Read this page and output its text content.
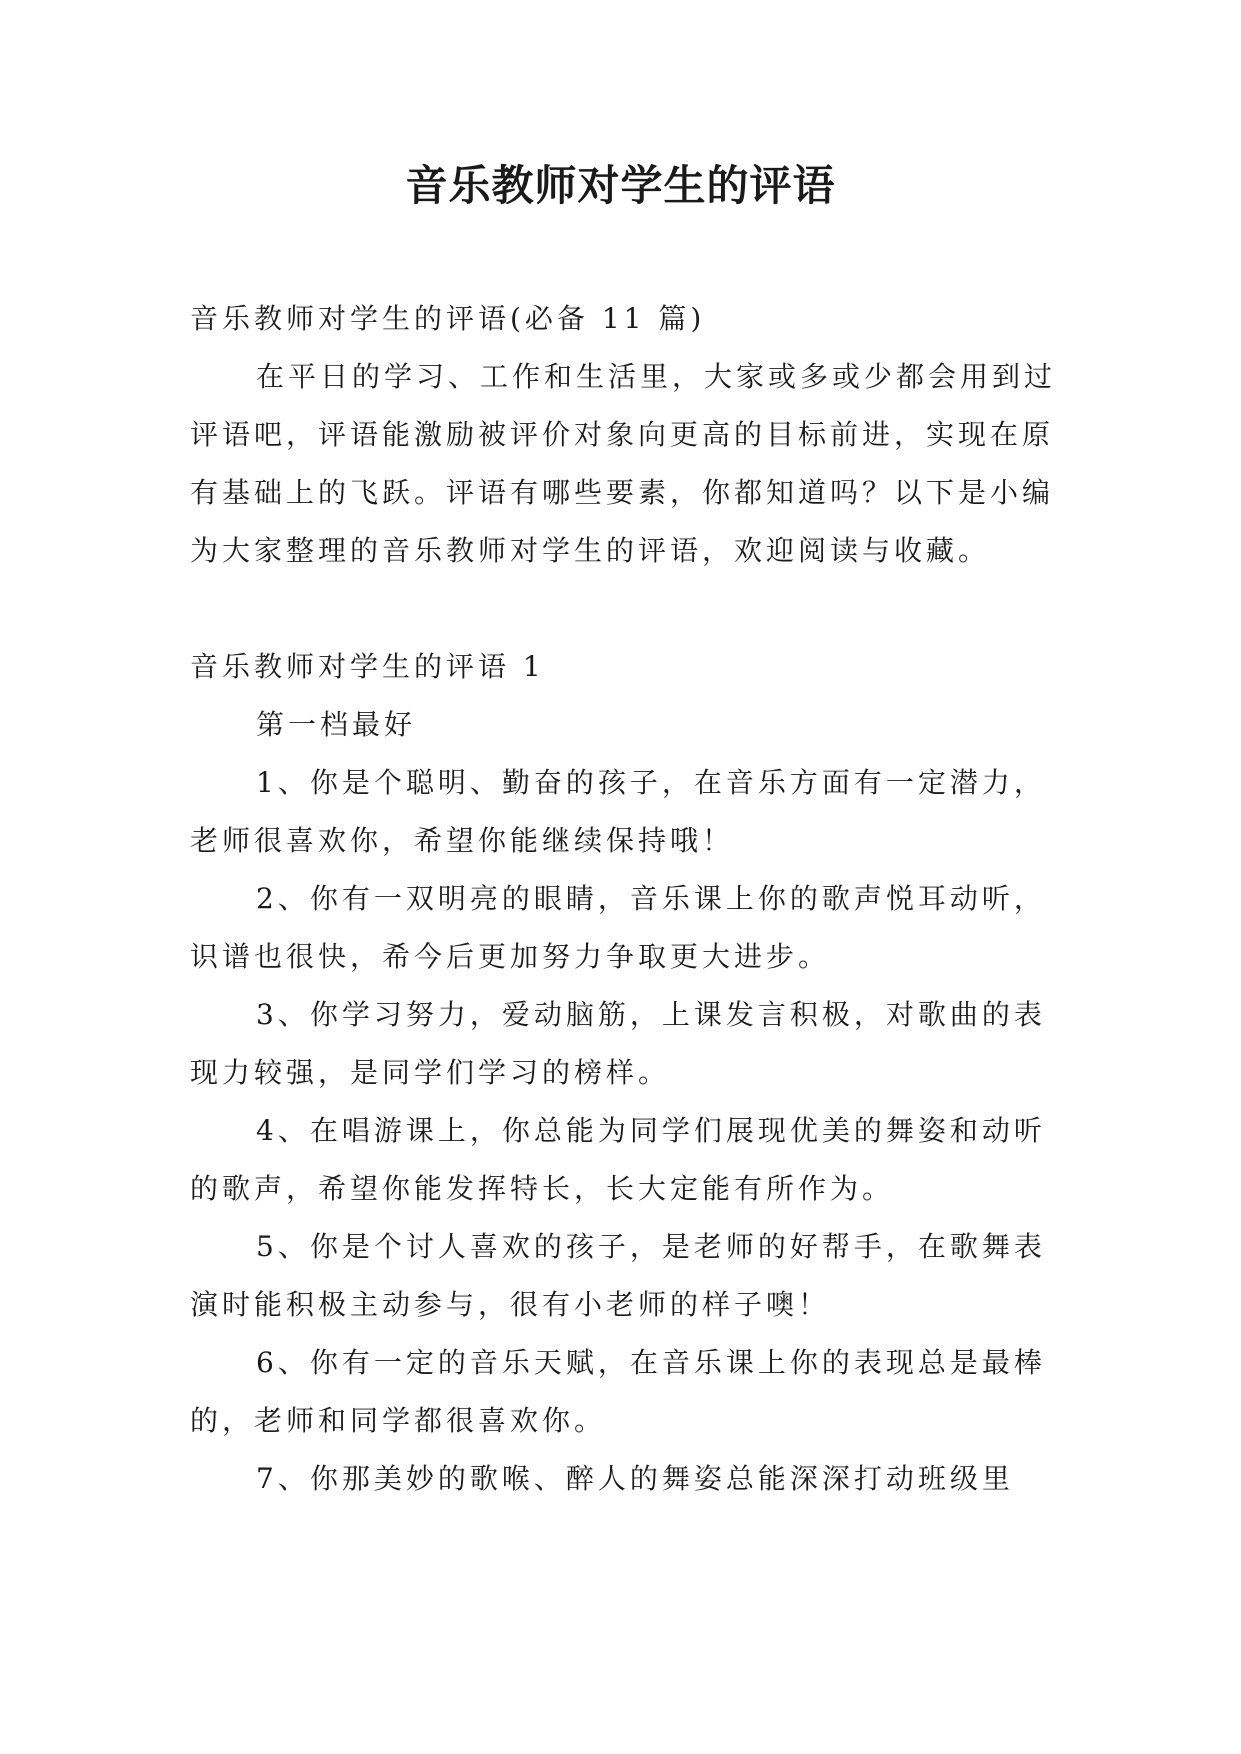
音乐教师对学生的评语

音乐教师对学生的评语(必备 11 篇)

在平日的学习、工作和生活里，大家或多或少都会用到过评语吧，评语能激励被评价对象向更高的目标前进，实现在原有基础上的飞跃。评语有哪些要素，你都知道吗？以下是小编为大家整理的音乐教师对学生的评语，欢迎阅读与收藏。

音乐教师对学生的评语 1

第一档最好

1、你是个聪明、勤奋的孩子，在音乐方面有一定潜力，老师很喜欢你，希望你能继续保持哦！

2、你有一双明亮的眼睛，音乐课上你的歌声悦耳动听，识谱也很快，希今后更加努力争取更大进步。

3、你学习努力，爱动脑筋，上课发言积极，对歌曲的表现力较强，是同学们学习的榜样。

4、在唱游课上，你总能为同学们展现优美的舞姿和动听的歌声，希望你能发挥特长，长大定能有所作为。

5、你是个讨人喜欢的孩子，是老师的好帮手，在歌舞表演时能积极主动参与，很有小老师的样子噢！

6、你有一定的音乐天赋，在音乐课上你的表现总是最棒的，老师和同学都很喜欢你。

7、你那美妙的歌喉、醉人的舞姿总能深深打动班级里
